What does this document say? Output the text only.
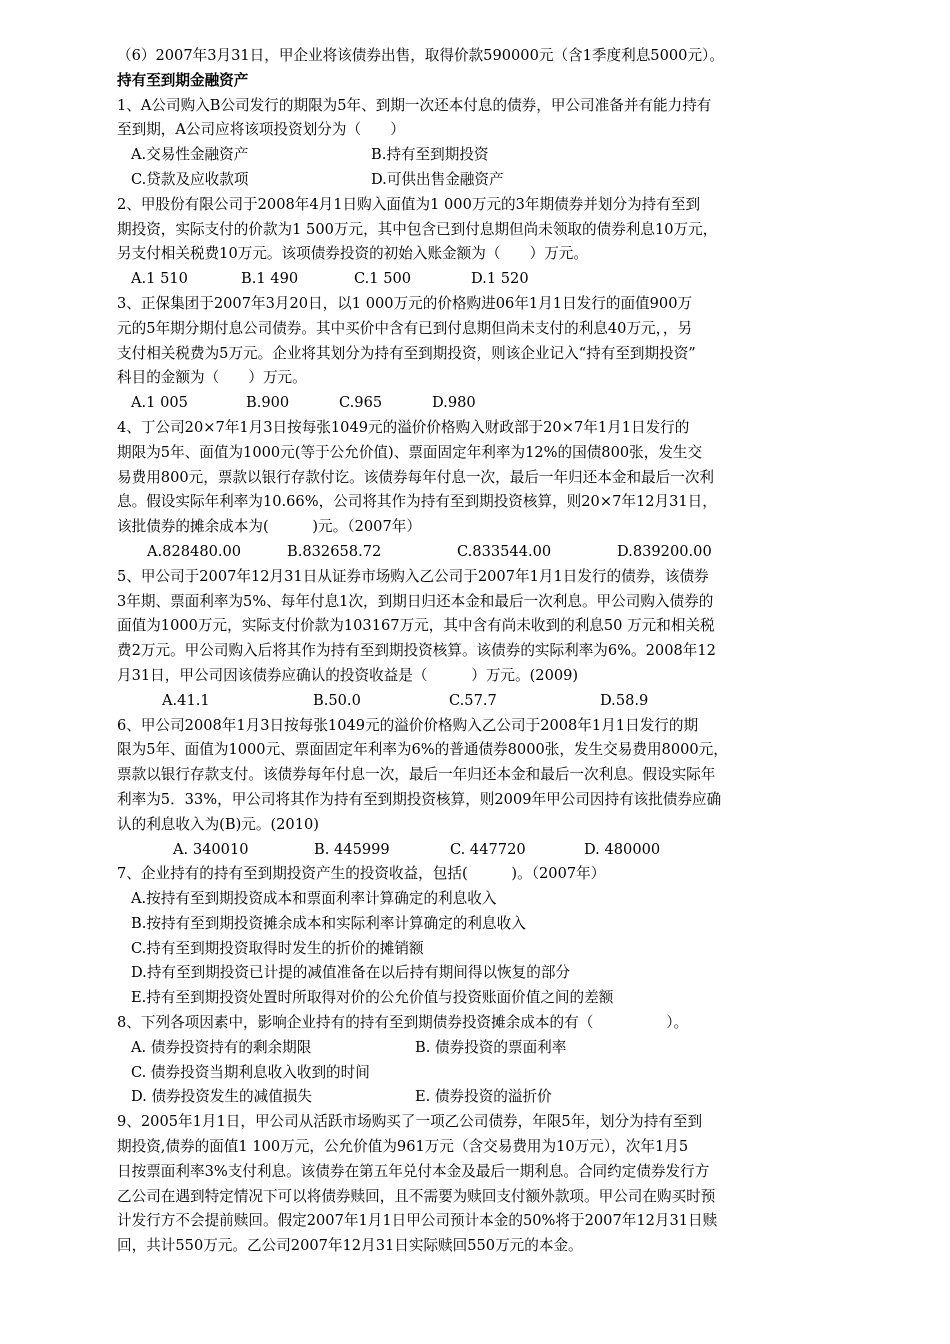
（6）2007年3月31日，甲企业将该债券出售，取得价款590000元（含1季度利息5000元）。
持有至到期金融资产
1、A公司购入B公司发行的期限为5年、到期一次还本付息的债券，甲公司准备并有能力持有
至到期，A公司应将该项投资划分为（　　）

A.交易性金融资产

	B.持有至到期投资

C.贷款及应收款项

	D.可供出售金融资产

2、甲股份有限公司于2008年4月1日购入面值为1 000万元的3年期债券并划分为持有至到
期投资，实际支付的价款为1 500万元，其中包含已到付息期但尚未领取的债券利息10万元，
另支付相关税费10万元。该项债券投资的初始入账金额为（　　）万元。

A.1 510

	B.1 490

	C.1 500

	D.1 520

3、正保集团于2007年3月20日，以1 000万元的价格购进06年1月1日发行的面值900万
元的5年期分期付息公司债券。其中买价中含有已到付息期但尚未支付的利息40万元，，另
支付相关税费为5万元。企业将其划分为持有至到期投资，则该企业记入“持有至到期投资”
科目的金额为（　　）万元。

A.1 005

	B.900

	C.965

	D.980

4、丁公司20×7年1月3日按每张1049元的溢价价格购入财政部于20×7年1月1日发行的
期限为5年、面值为1000元(等于公允价值)、票面固定年利率为12%的国债800张，发生交
易费用800元，票款以银行存款付讫。该债券每年付息一次，最后一年归还本金和最后一次利
息。假设实际年利率为10.66%，公司将其作为持有至到期投资核算，则20×7年12月31日，
该批债券的摊余成本为(　　　)元。（2007年）

A.828480.00

	B.832658.72

	C.833544.00

	D.839200.00

5、甲公司于2007年12月31日从证券市场购入乙公司于2007年1月1日发行的债券，该债券
3年期、票面利率为5%、每年付息1次，到期日归还本金和最后一次利息。甲公司购入债券的
面值为1000万元，实际支付价款为103167万元，其中含有尚未收到的利息50 万元和相关税
费2万元。甲公司购入后将其作为持有至到期投资核算。该债券的实际利率为6%。2008年12
月31日，甲公司因该债券应确认的投资收益是（　　　）万元。(2009)

A.41.1

	B.50.0

	C.57.7

	D.58.9

6、甲公司2008年1月3日按每张1049元的溢价价格购入乙公司于2008年1月1日发行的期
限为5年、面值为1000元、票面固定年利率为6%的普通债券8000张，发生交易费用8000元，
票款以银行存款支付。该债券每年付息一次，最后一年归还本金和最后一次利息。假设实际年
利率为5．33%，甲公司将其作为持有至到期投资核算，则2009年甲公司因持有该批债券应确
认的利息收入为(B)元。(2010)

A. 340010

	B. 445999

	C. 447720

	D. 480000

7、企业持有的持有至到期投资产生的投资收益，包括(　　　)。（2007年）
A.按持有至到期投资成本和票面利率计算确定的利息收入
B.按持有至到期投资摊余成本和实际利率计算确定的利息收入
C.持有至到期投资取得时发生的折价的摊销额
D.持有至到期投资已计提的减值准备在以后持有期间得以恢复的部分
E.持有至到期投资处置时所取得对价的公允价值与投资账面价值之间的差额
8、下列各项因素中，影响企业持有的持有至到期债券投资摊余成本的有（　　　　　）。

A. 债券投资持有的剩余期限

	B. 债券投资的票面利率

C. 债券投资当期利息收入收到的时间

D. 债券投资发生的减值损失

	E. 债券投资的溢折价

9、2005年1月1日，甲公司从活跃市场购买了一项乙公司债券，年限5年，划分为持有至到
期投资,债券的面值1 100万元，公允价值为961万元（含交易费用为10万元），次年1月5
日按票面利率3%支付利息。该债券在第五年兑付本金及最后一期利息。合同约定债券发行方
乙公司在遇到特定情况下可以将债券赎回，且不需要为赎回支付额外款项。甲公司在购买时预
计发行方不会提前赎回。假定2007年1月1日甲公司预计本金的50%将于2007年12月31日赎
回，共计550万元。乙公司2007年12月31日实际赎回550万元的本金。
